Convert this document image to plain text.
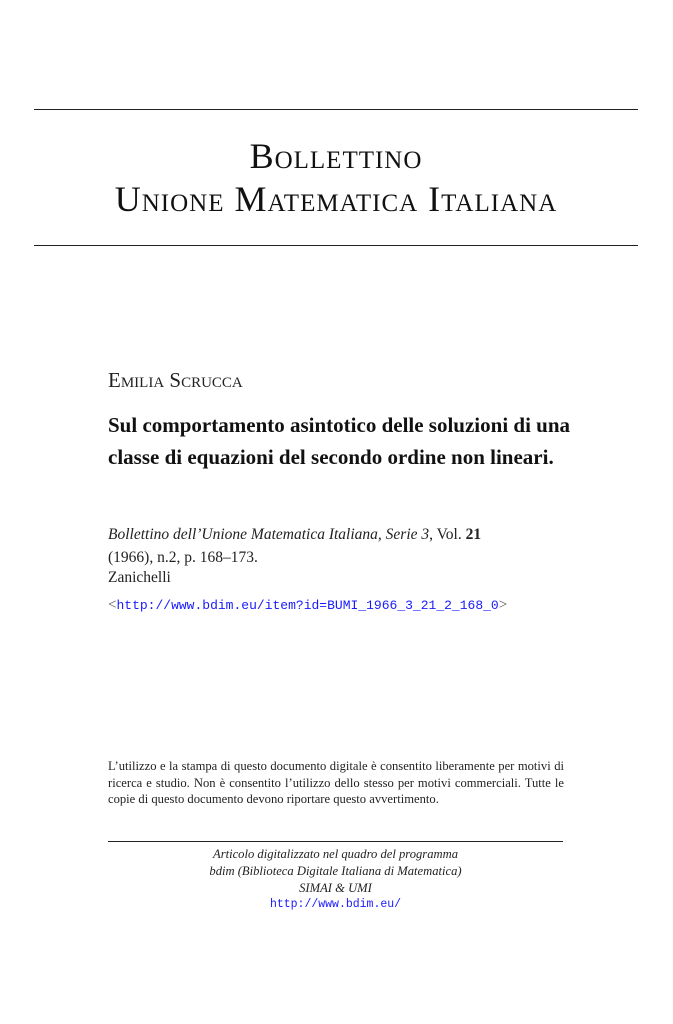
Bollettino
Unione Matematica Italiana
Emilia Scrucca
Sul comportamento asintotico delle soluzioni di una classe di equazioni del secondo ordine non lineari.
Bollettino dell’Unione Matematica Italiana, Serie 3, Vol. 21
(1966), n.2, p. 168–173.
Zanichelli
<http://www.bdim.eu/item?id=BUMI_1966_3_21_2_168_0>
L’utilizzo e la stampa di questo documento digitale è consentito liberamente per motivi di ricerca e studio. Non è consentito l’utilizzo dello stesso per motivi commerciali. Tutte le copie di questo documento devono riportare questo avvertimento.
Articolo digitalizzato nel quadro del programma
bdim (Biblioteca Digitale Italiana di Matematica)
SIMAI & UMI
http://www.bdim.eu/
